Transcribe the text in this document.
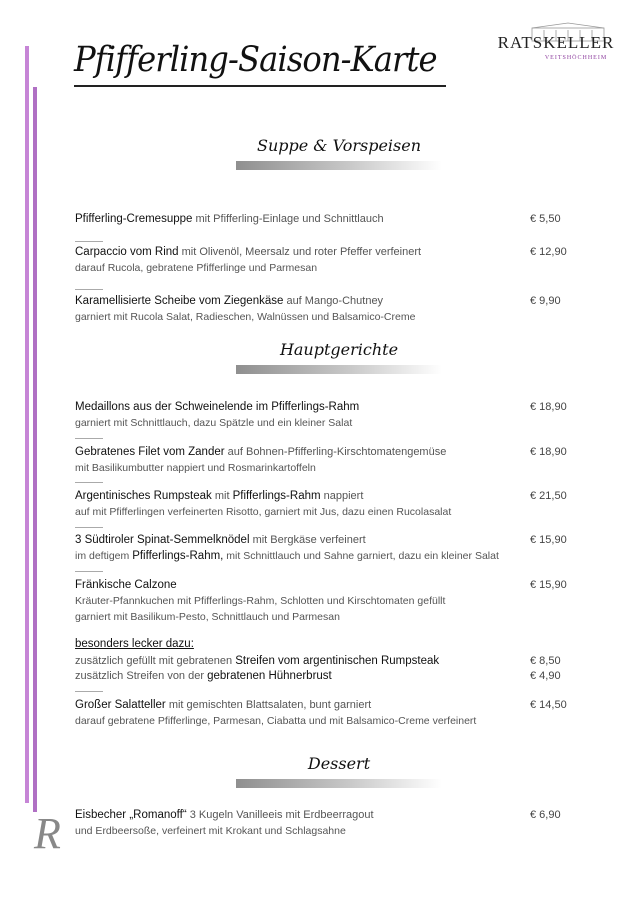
Pfifferling-Saison-Karte	RATSKELLER
VEITSHÖCHHEIM
Suppe & Vorspeisen
Pfifferling-Cremesuppe mit Pfifferling-Einlage und Schnittlauch	€ 5,50
Carpaccio vom Rind mit Olivenöl, Meersalz und roter Pfeffer verfeinert
darauf Rucola, gebratene Pfifferlinge und Parmesan
€ 12,90
Karamellisierte Scheibe vom Ziegenkäse auf Mango-Chutney
garniert mit Rucola Salat, Radieschen, Walnüssen und Balsamico-Creme
€ 9,90
Hauptgerichte
Medaillons aus der Schweinelende im Pfifferlings-Rahm
garniert mit Schnittlauch, dazu Spätzle und ein kleiner Salat
€ 18,90
Gebratenes Filet vom Zander auf Bohnen-Pfifferling-Kirschtomatengemüse
mit Basilikumbutter nappiert und Rosmarinkartoffeln
€ 18,90
Argentinisches Rumpsteak mit Pfifferlings-Rahm nappiert
auf mit Pfifferlingen verfeinerten Risotto, garniert mit Jus, dazu einen Rucolasalat
€ 21,50
3 Südtiroler Spinat-Semmelknödel mit Bergkäse verfeinert
im deftigem Pfifferlings-Rahm, mit Schnittlauch und Sahne garniert, dazu ein kleiner Salat
€ 15,90
Fränkische Calzone
Kräuter-Pfannkuchen mit Pfifferlings-Rahm, Schlotten und Kirschtomaten gefüllt
garniert mit Basilikum-Pesto, Schnittlauch und Parmesan
€ 15,90
besonders lecker dazu:
zusätzlich gefüllt mit gebratenen Streifen vom argentinischen Rumpsteak	€ 8,50
zusätzlich Streifen von der gebratenen Hühnerbrust	€ 4,90
Großer Salatteller mit gemischten Blattsalaten, bunt garniert
darauf gebratene Pfifferlinge, Parmesan, Ciabatta und mit Balsamico-Creme verfeinert
€ 14,50
Dessert
Eisbecher „Romanoff“ 3 Kugeln Vanilleeis mit Erdbeerragout
und Erdbeersoße, verfeinert mit Krokant und Schlagsahne
€ 6,90
R
